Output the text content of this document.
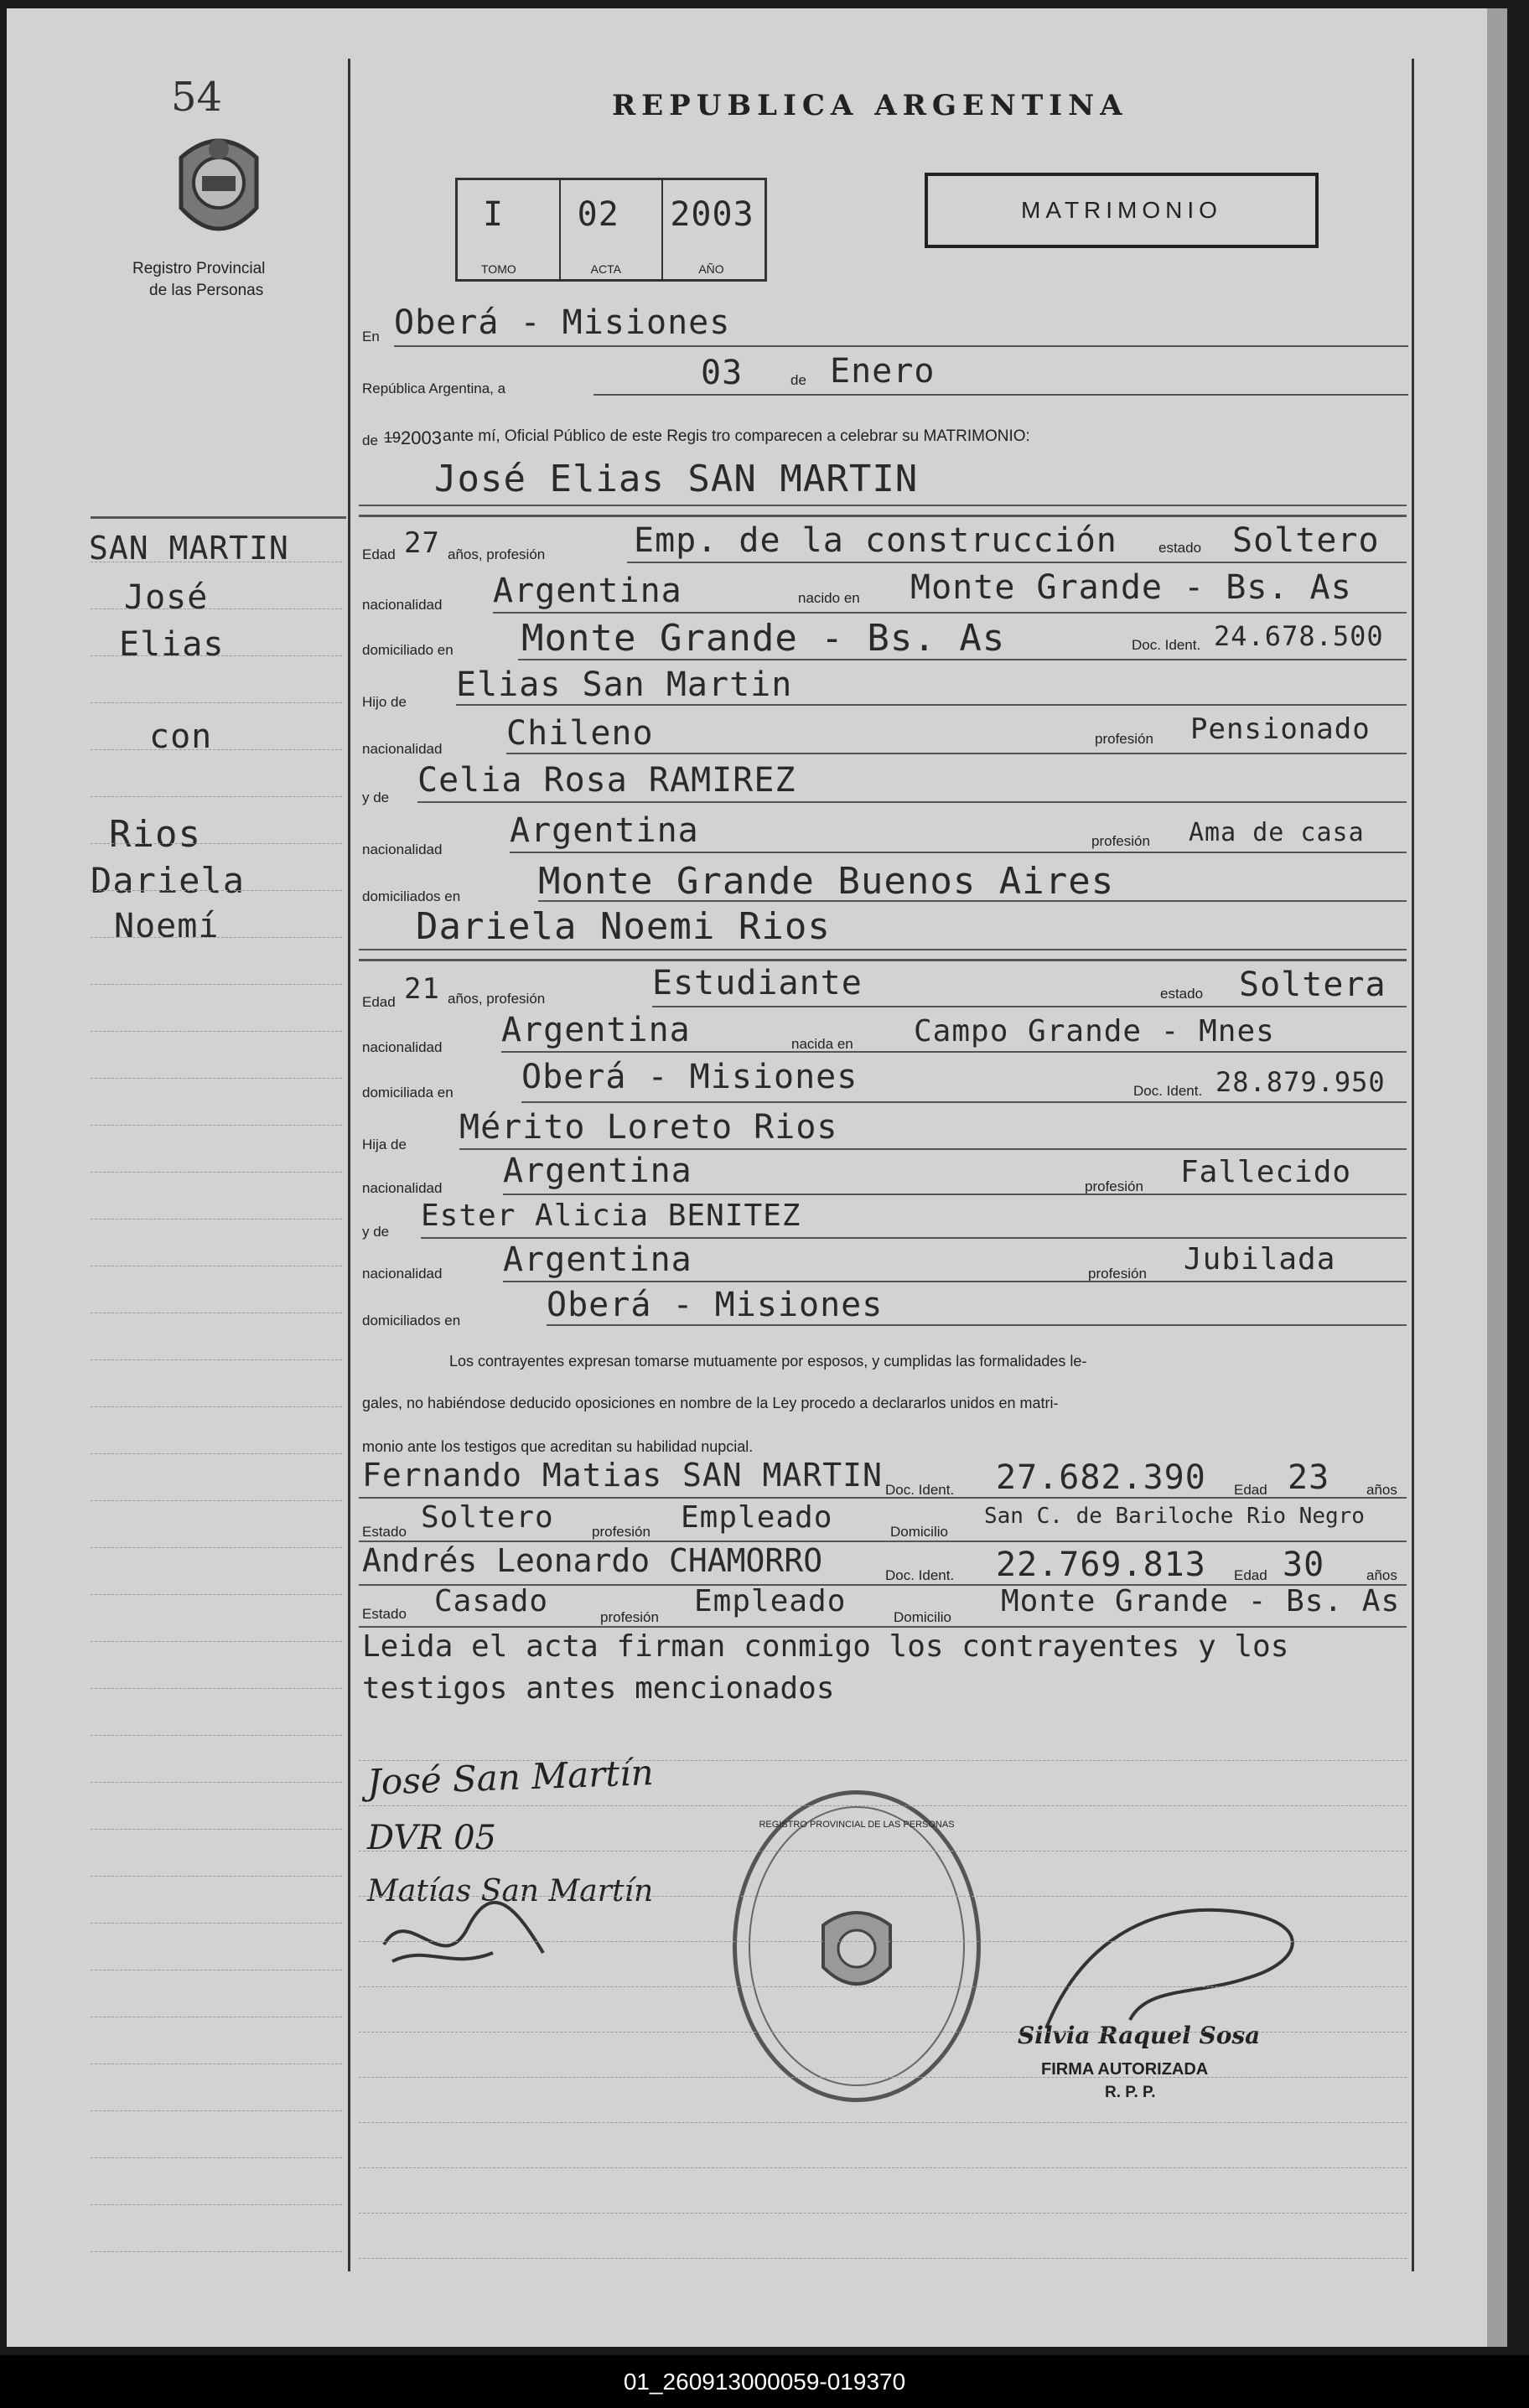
54
Registro Provincial
de las Personas
REPUBLICA ARGENTINA
I
TOMO
02
ACTA
2003
AÑO
MATRIMONIO
En Oberá - Misiones
República Argentina, a	03	de Enero
de 19 2003 ante mí, Oficial Público de este Regis tro comparecen a celebrar su MATRIMONIO:
José Elias SAN MARTIN
SAN MARTIN
José
Elias
con
Rios
Dariela
Noemí
Edad 27 años, profesión	Emp. de la construcción	estado Soltero
nacionalidad Argentina	nacido en Monte Grande - Bs. As
domiciliado en Monte Grande - Bs. As	Doc. Ident. 24.678.500
Hijo de Elias San Martin
nacionalidad Chileno	profesión Pensionado
y de Celia Rosa RAMIREZ
nacionalidad Argentina	profesión Ama de casa
domiciliados en Monte Grande Buenos Aires
Dariela Noemi Rios
Edad 21 años, profesión	Estudiante	estado Soltera
nacionalidad Argentina	nacida en Campo Grande - Mnes
domiciliada en Oberá - Misiones	Doc. Ident. 28.879.950
Hija de Mérito Loreto Rios
nacionalidad Argentina	profesión Fallecido
y de Ester Alicia BENITEZ
nacionalidad Argentina	profesión Jubilada
domiciliados en	Oberá - Misiones
Los contrayentes expresan tomarse mutuamente por esposos, y cumplidas las formalidades le-
gales, no habiéndose deducido oposiciones en nombre de la Ley procedo a declararlos unidos en matri-
monio ante los testigos que acreditan su habilidad nupcial.
Fernando Matias SAN MARTIN Doc. Ident. 27.682.390 Edad 23	años
Estado Soltero	profesión Empleado	Domicilio
San C. de Bariloche Rio Negro
Andrés Leonardo CHAMORRO	Doc. Ident. 22.769.813 Edad 30	años
Estado Casado	profesión Empleado	Domicilio Monte Grande - Bs. As
Leida el acta firman conmigo los contrayentes y los
testigos antes mencionados
José San Martín
DVR 05
Matías San Martín
REGISTRO PROVINCIAL DE LAS PERSONAS
Silvia Raquel Sosa
FIRMA AUTORIZADA
R. P. P.
01_260913000059-019370
